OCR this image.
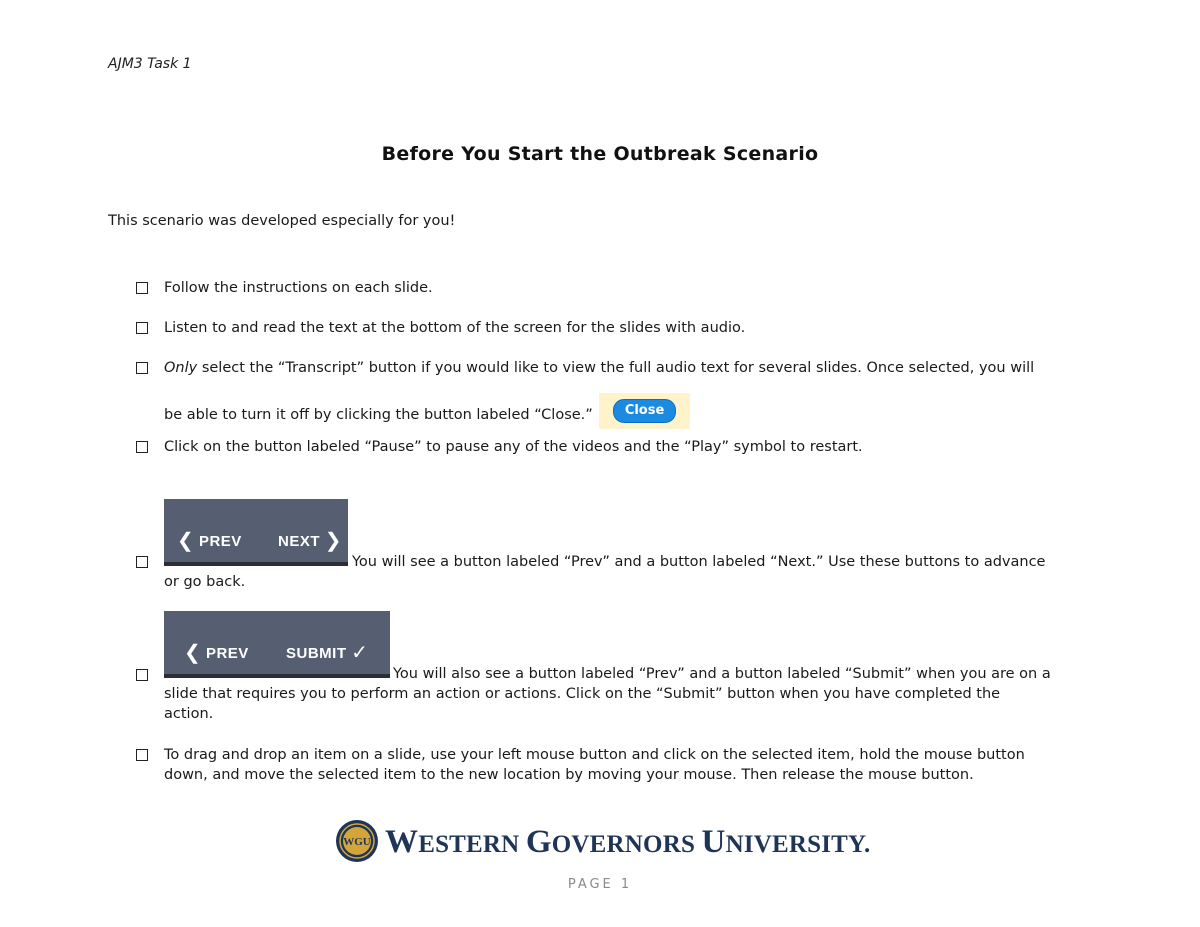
AJM3 Task 1
Before You Start the Outbreak Scenario
This scenario was developed especially for you!
Follow the instructions on each slide.
Listen to and read the text at the bottom of the screen for the slides with audio.
Only select the “Transcript” button if you would like to view the full audio text for several slides. Once selected, you will
be able to turn it off by clicking the button labeled “Close.” Close
Click on the button labeled “Pause” to pause any of the videos and the “Play” symbol to restart.
❮ PREV NEXT ❯
You will see a button labeled “Prev” and a button labeled “Next.” Use these buttons to advance
or go back.
❮ PREV SUBMIT ✓
You will also see a button labeled “Prev” and a button labeled “Submit” when you are on a
slide that requires you to perform an action or actions. Click on the “Submit” button when you have completed the
action.
To drag and drop an item on a slide, use your left mouse button and click on the selected item, hold the mouse button
down, and move the selected item to the new location by moving your mouse. Then release the mouse button.
WGU WESTERN GOVERNORS UNIVERSITY.
PAGE 1
